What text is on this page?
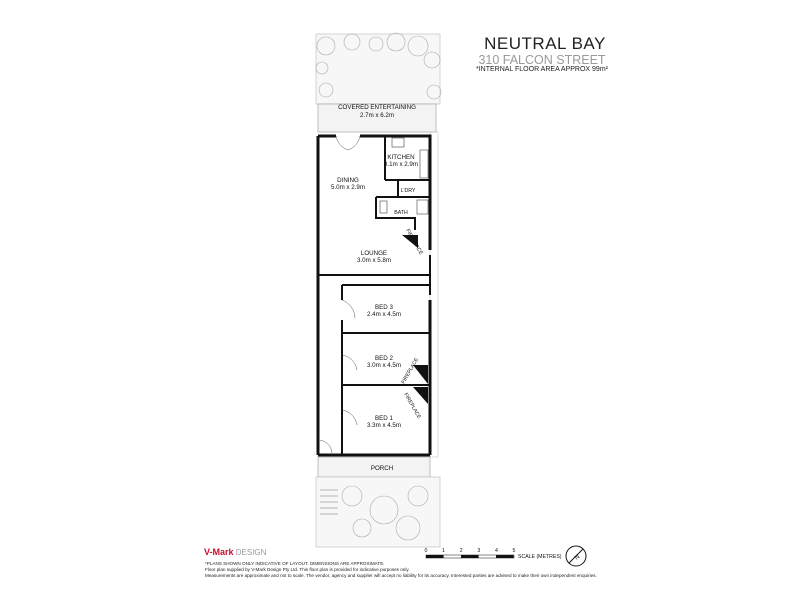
NEUTRAL BAY
310 FALCON STREET
*INTERNAL FLOOR AREA APPROX 99m²
COVERED ENTERTAINING
2.7m x 6.2m
KITCHEN
3.1m x 2.9m
DINING
5.0m x 2.9m	L'DRY
BATH
FIREPLACE
LOUNGE
3.0m x 5.8m
BED 3
2.4m x 4.5m
BED 2
3.0m x 4.5m FIREPLACE
FIREPLACE
BED 1
3.3m x 4.5m
PORCH
0	1	2	3	4	5
SCALE (METRES) N
V-Mark DESIGN
*PLANS SHOWN ONLY INDICATIVE OF LAYOUT. DIMENSIONS ARE APPROXIMATE.
Floor plan supplied by V-Mark Design Pty Ltd. This floor plan is provided for indicative purposes only.
Measurements are approximate and not to scale. The vendor, agency and supplier will accept no liability for its accuracy. Interested parties are advised to make their own independent enquiries.
